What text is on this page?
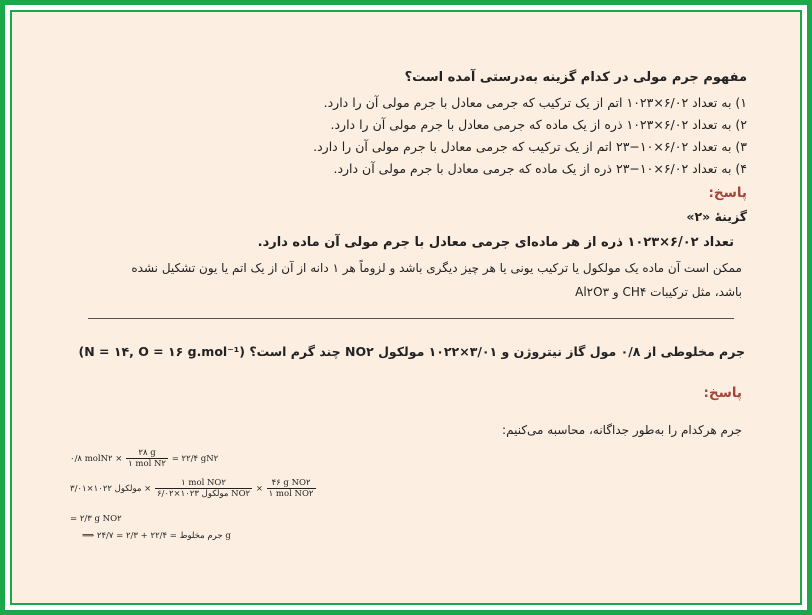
مفهوم جرم مولی در کدام گزینه به‌درستی آمده است؟
۱) به تعداد ۶/۰۲×۱۰۲۳ اتم از یک ترکیب که جرمی معادل با جرم مولی آن را دارد.
۲) به تعداد ۶/۰۲×۱۰۲۳ ذره از یک ماده که جرمی معادل با جرم مولی آن را دارد.
۳) به تعداد ۶/۰۲×۱۰−۲۳ اتم از یک ترکیب که جرمی معادل با جرم مولی آن را دارد.
۴) به تعداد ۶/۰۲×۱۰−۲۳ ذره از یک ماده که جرمی معادل با جرم مولی آن دارد.
پاسخ:
گزینهٔ «۲»
تعداد ۶/۰۲×۱۰۲۳ ذره از هر ماده‌ای جرمی معادل با جرم مولی آن ماده دارد.
ممکن است آن ماده یک مولکول یا ترکیب یونی یا هر چیز دیگری باشد و لزوماً هر ۱ دانه از آن از یک اتم یا یون تشکیل نشده
باشد، مثل ترکیبات CH۴ و Al۲O۳
جرم مخلوطی از ۰/۸ مول گاز نیتروژن و ۳/۰۱×۱۰۲۲ مولکول NO۲ چند گرم است؟ (N = ۱۴, O = ۱۶ g.mol⁻¹)
پاسخ:
جرم هرکدام را به‌طور جداگانه، محاسبه می‌کنیم:
۰/۸ molN۲ × $\frac{۲۸ g}{\text{۱ mol N۲}}$ = ۲۲/۴ gN۲
۳/۰۱×۱۰۲۲ مولکول × $\frac{\text{۱ mol NO۲}}{\text{۶/۰۲×۱۰۲۳ مولکول NO۲}} \times \frac{\text{۴۶ g NO۲}}{\text{۱ mol NO۲}}$
= ۲/۳ g NO۲
⟹ جرم مخلوط = ۲۲/۴ + ۲/۳ = ۲۴/۷ g
